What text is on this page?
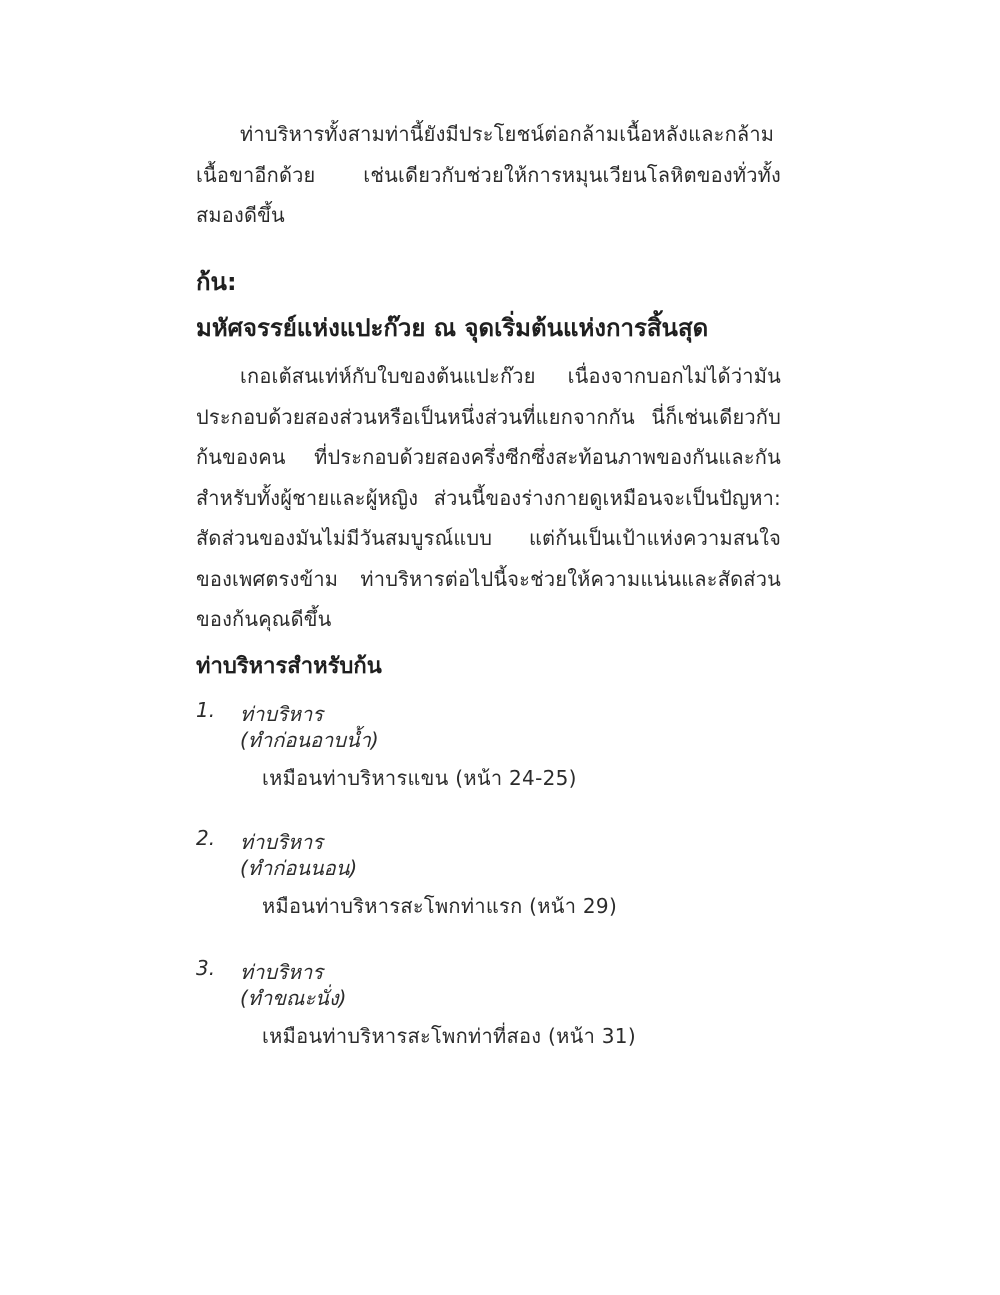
ท่าบริหารทั้งสามท่านี้ยังมีประโยชน์ต่อกล้ามเนื้อหลังและกล้ามเนื้อขาอีกด้วย เช่นเดียวกับช่วยให้การหมุนเวียนโลหิตของทั่วทั้งสมองดีขึ้น

ก้น:
มหัศจรรย์แห่งแปะก๊วย ณ จุดเริ่มต้นแห่งการสิ้นสุด

เกอเต้สนเท่ห์กับใบของต้นแปะก๊วย เนื่องจากบอกไม่ได้ว่ามันประกอบด้วยสองส่วนหรือเป็นหนึ่งส่วนที่แยกจากกัน นี่ก็เช่นเดียวกับก้นของคน ที่ประกอบด้วยสองครึ่งซีกซึ่งสะท้อนภาพของกันและกัน สำหรับทั้งผู้ชายและผู้หญิง ส่วนนี้ของร่างกายดูเหมือนจะเป็นปัญหา: สัดส่วนของมันไม่มีวันสมบูรณ์แบบ แต่ก้นเป็นเป้าแห่งความสนใจของเพศตรงข้าม ท่าบริหารต่อไปนี้จะช่วยให้ความแน่นและสัดส่วนของก้นคุณดีขึ้น

ท่าบริหารสำหรับก้น
1. ท่าบริหาร
(ทำก่อนอาบน้ำ)
เหมือนท่าบริหารแขน (หน้า 24-25)
2. ท่าบริหาร
(ทำก่อนนอน)
หมือนท่าบริหารสะโพกท่าแรก (หน้า 29)
3. ท่าบริหาร
(ทำขณะนั่ง)
เหมือนท่าบริหารสะโพกท่าที่สอง (หน้า 31)
